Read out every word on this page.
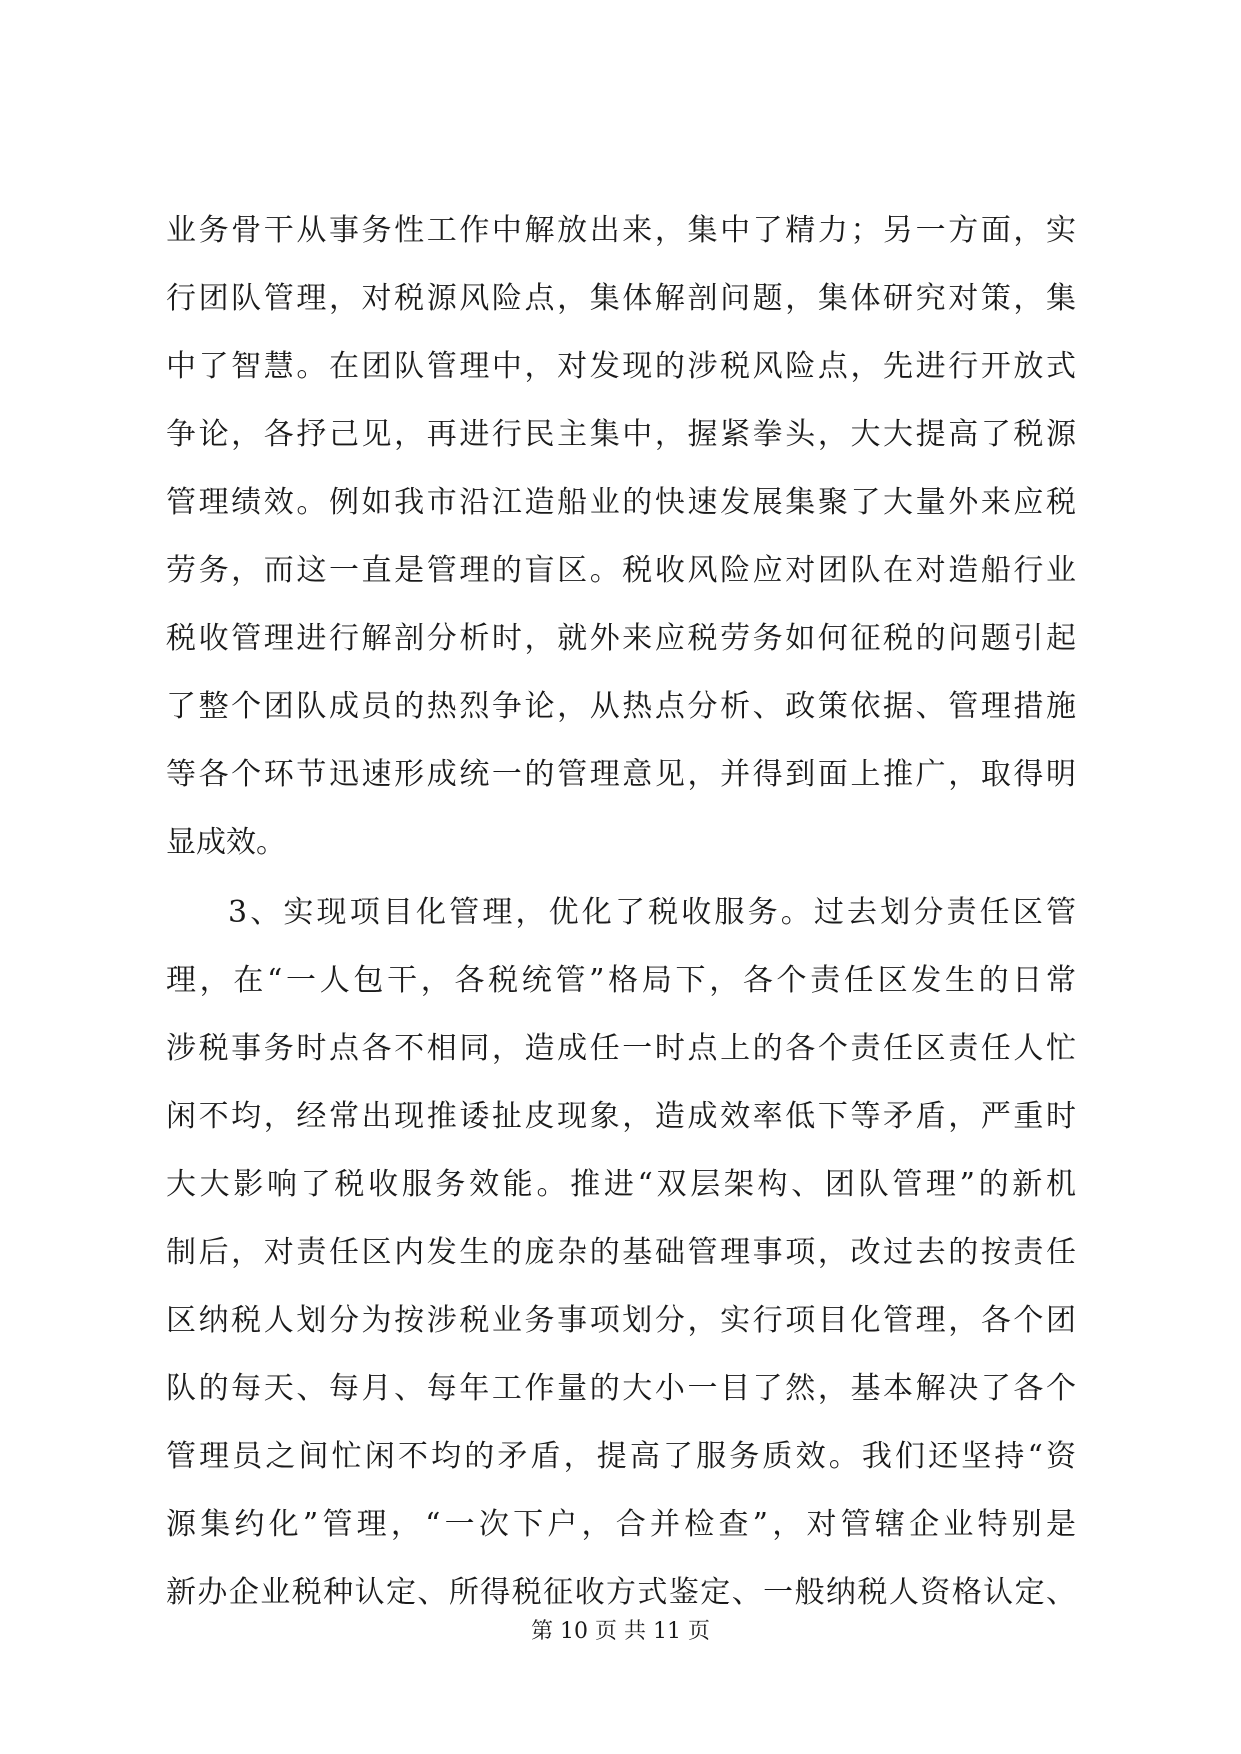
业务骨干从事务性工作中解放出来，集中了精力；另一方面，实
行团队管理，对税源风险点，集体解剖问题，集体研究对策，集
中了智慧。在团队管理中，对发现的涉税风险点，先进行开放式
争论，各抒己见，再进行民主集中，握紧拳头，大大提高了税源
管理绩效。例如我市沿江造船业的快速发展集聚了大量外来应税
劳务，而这一直是管理的盲区。税收风险应对团队在对造船行业
税收管理进行解剖分析时，就外来应税劳务如何征税的问题引起
了整个团队成员的热烈争论，从热点分析、政策依据、管理措施
等各个环节迅速形成统一的管理意见，并得到面上推广，取得明
显成效。
3、实现项目化管理，优化了税收服务。过去划分责任区管
理，在“一人包干，各税统管”格局下，各个责任区发生的日常
涉税事务时点各不相同，造成任一时点上的各个责任区责任人忙
闲不均，经常出现推诿扯皮现象，造成效率低下等矛盾，严重时
大大影响了税收服务效能。推进“双层架构、团队管理”的新机
制后，对责任区内发生的庞杂的基础管理事项，改过去的按责任
区纳税人划分为按涉税业务事项划分，实行项目化管理，各个团
队的每天、每月、每年工作量的大小一目了然，基本解决了各个
管理员之间忙闲不均的矛盾，提高了服务质效。我们还坚持“资
源集约化”管理，“一次下户，合并检查”，对管辖企业特别是
新办企业税种认定、所得税征收方式鉴定、一般纳税人资格认定、
第 10 页 共 11 页
